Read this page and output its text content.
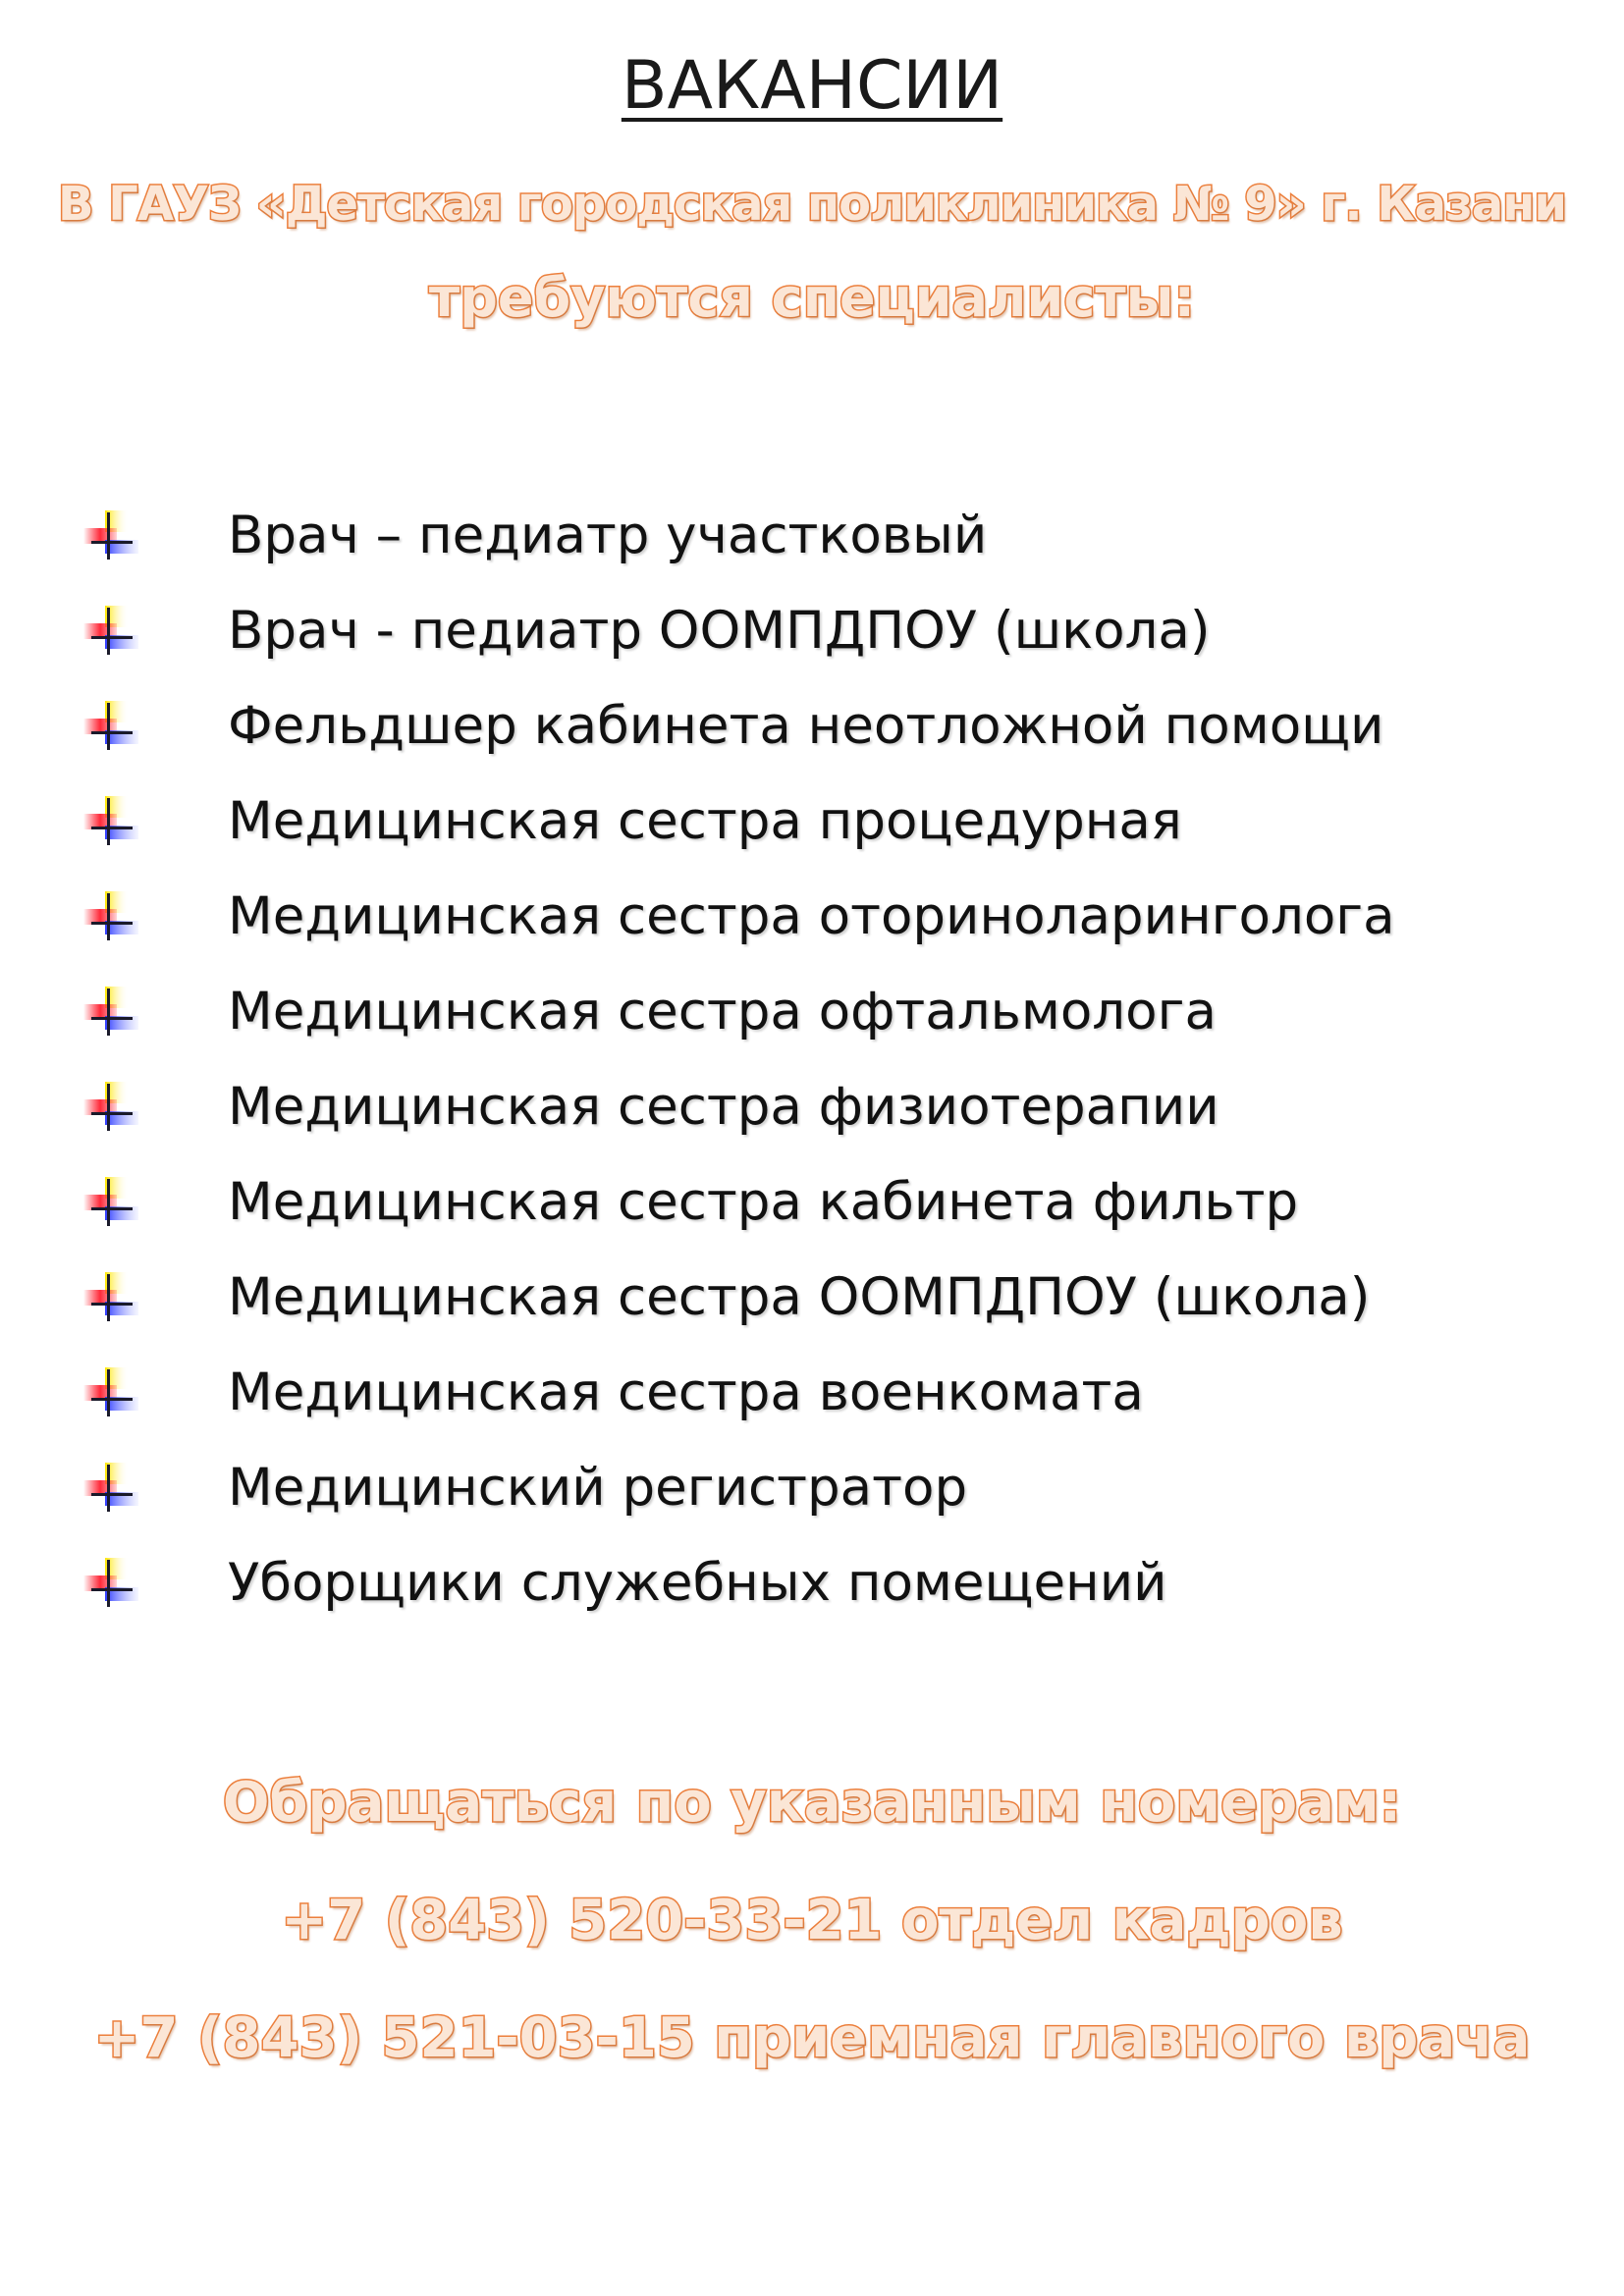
ВАКАНСИИ
В ГАУЗ «Детская городская поликлиника № 9» г. Казани
требуются специалисты:
Врач – педиатр участковый
Врач - педиатр ООМПДПОУ (школа)
Фельдшер кабинета неотложной помощи
Медицинская сестра процедурная
Медицинская сестра оториноларинголога
Медицинская сестра офтальмолога
Медицинская сестра физиотерапии
Медицинская сестра кабинета фильтр
Медицинская сестра ООМПДПОУ (школа)
Медицинская сестра военкомата
Медицинский регистратор
Уборщики служебных помещений
Обращаться по указанным номерам:
+7 (843) 520-33-21 отдел кадров
+7 (843) 521-03-15 приемная главного врача
